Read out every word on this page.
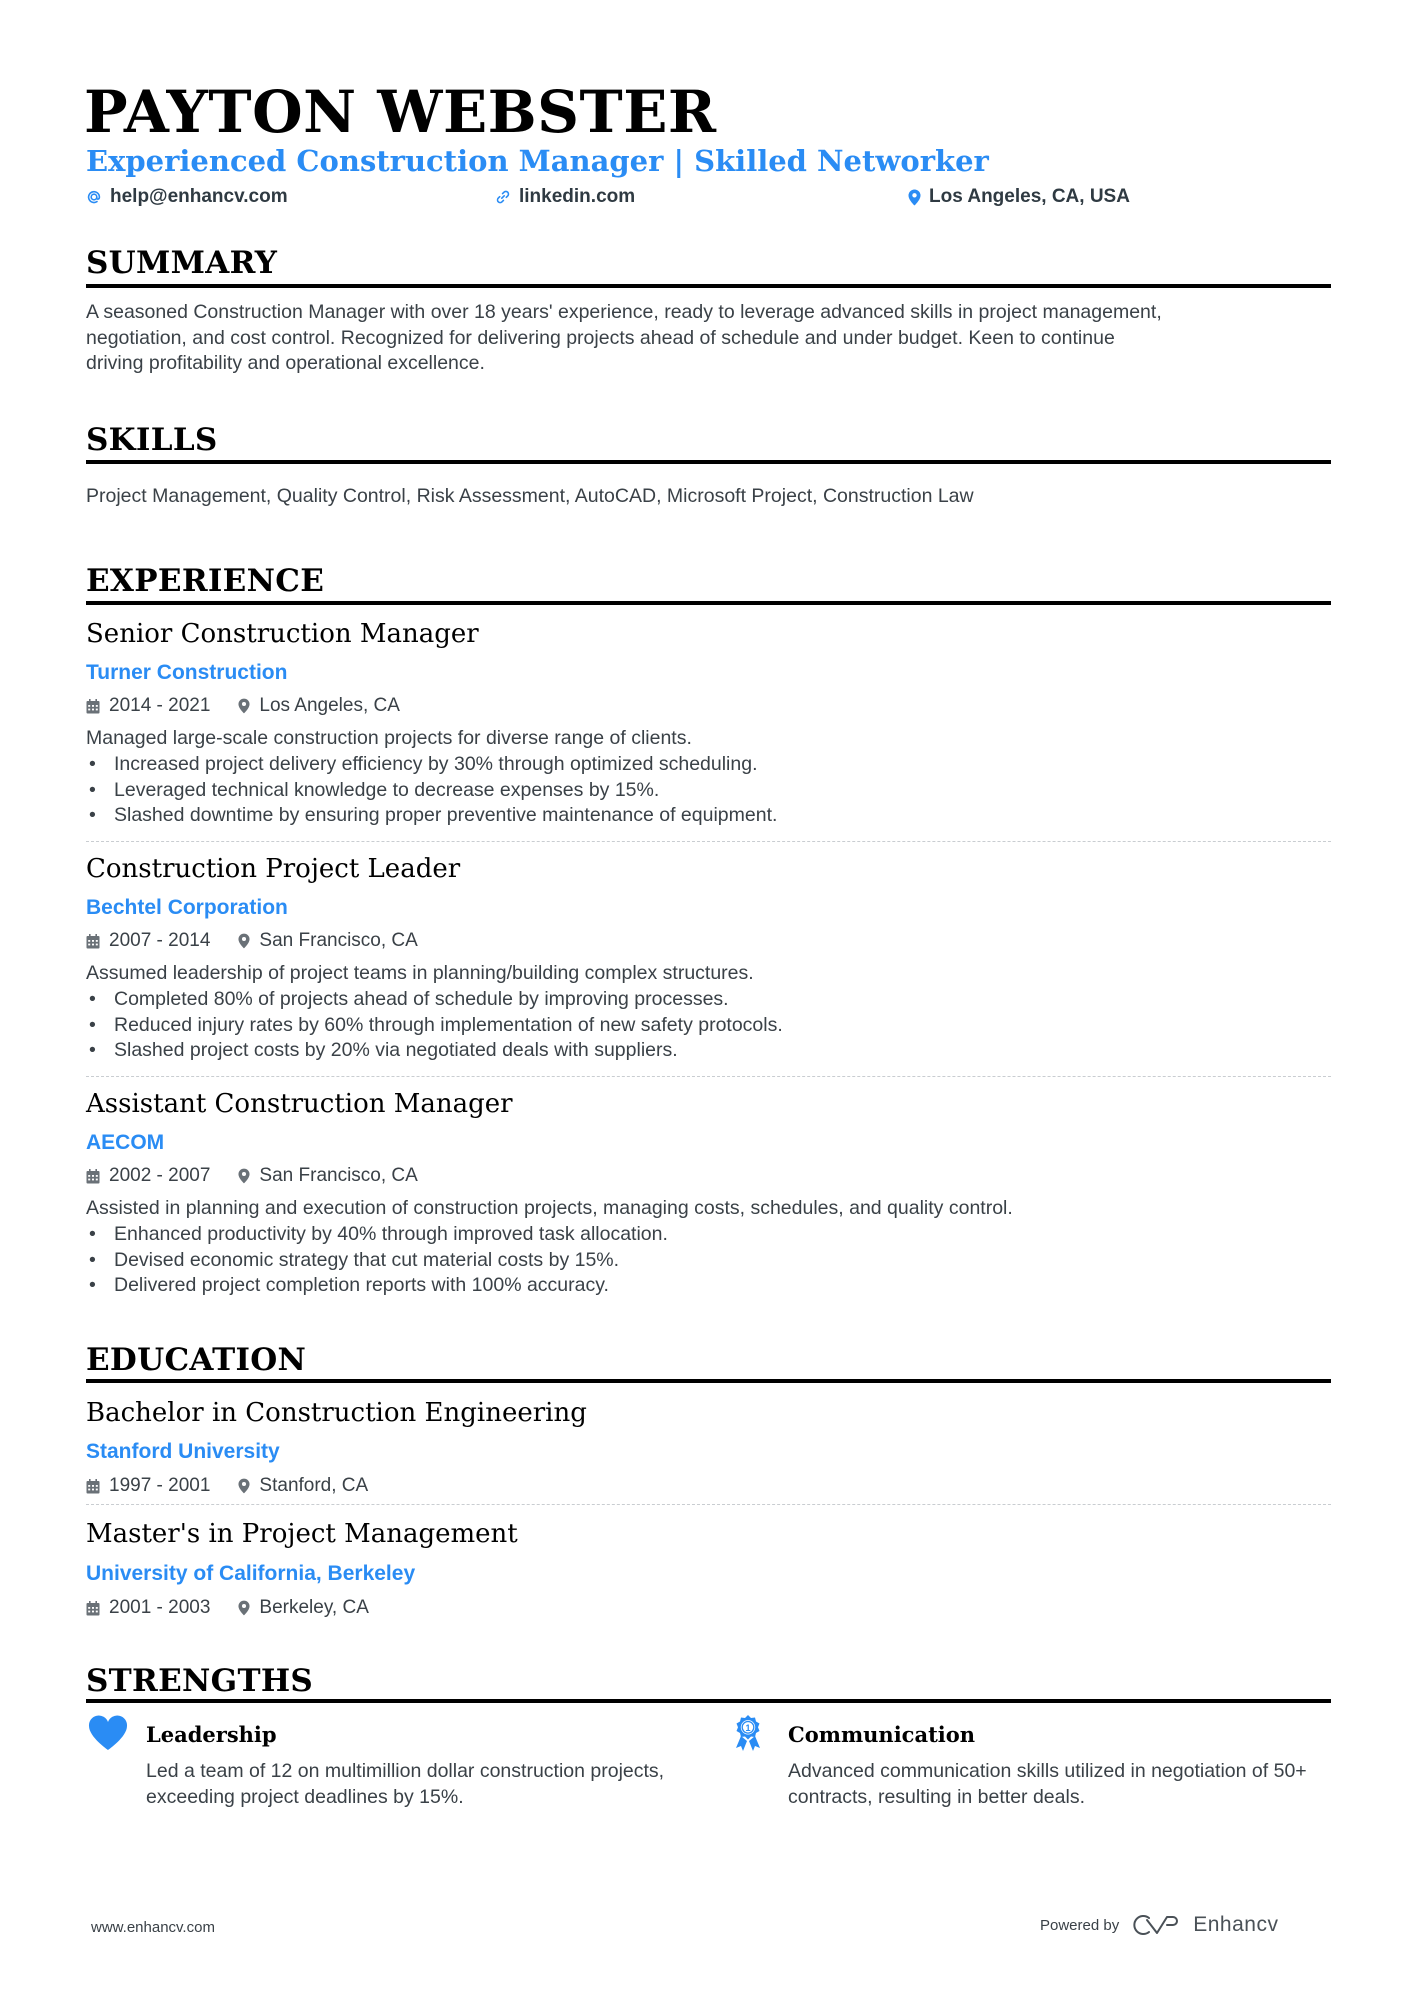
PAYTON WEBSTER
Experienced Construction Manager | Skilled Networker
help@enhancv.com	linkedin.com	Los Angeles, CA, USA
SUMMARY
A seasoned Construction Manager with over 18 years' experience, ready to leverage advanced skills in project management,
negotiation, and cost control. Recognized for delivering projects ahead of schedule and under budget. Keen to continue
driving profitability and operational excellence.
SKILLS
Project Management, Quality Control, Risk Assessment, AutoCAD, Microsoft Project, Construction Law
EXPERIENCE
Senior Construction Manager
Turner Construction
2014 - 2021	Los Angeles, CA
Managed large-scale construction projects for diverse range of clients.
• Increased project delivery efficiency by 30% through optimized scheduling.
• Leveraged technical knowledge to decrease expenses by 15%.
• Slashed downtime by ensuring proper preventive maintenance of equipment.
Construction Project Leader
Bechtel Corporation
2007 - 2014	San Francisco, CA
Assumed leadership of project teams in planning/building complex structures.
• Completed 80% of projects ahead of schedule by improving processes.
• Reduced injury rates by 60% through implementation of new safety protocols.
• Slashed project costs by 20% via negotiated deals with suppliers.
Assistant Construction Manager
AECOM
2002 - 2007	San Francisco, CA
Assisted in planning and execution of construction projects, managing costs, schedules, and quality control.
• Enhanced productivity by 40% through improved task allocation.
• Devised economic strategy that cut material costs by 15%.
• Delivered project completion reports with 100% accuracy.
EDUCATION
Bachelor in Construction Engineering
Stanford University
1997 - 2001	Stanford, CA
Master's in Project Management
University of California, Berkeley
2001 - 2003	Berkeley, CA
STRENGTHS
Leadership
Led a team of 12 on multimillion dollar construction projects, exceeding project deadlines by 15%.
1 Communication
Advanced communication skills utilized in negotiation of 50+ contracts, resulting in better deals.
www.enhancv.com	Powered by	Enhancv
